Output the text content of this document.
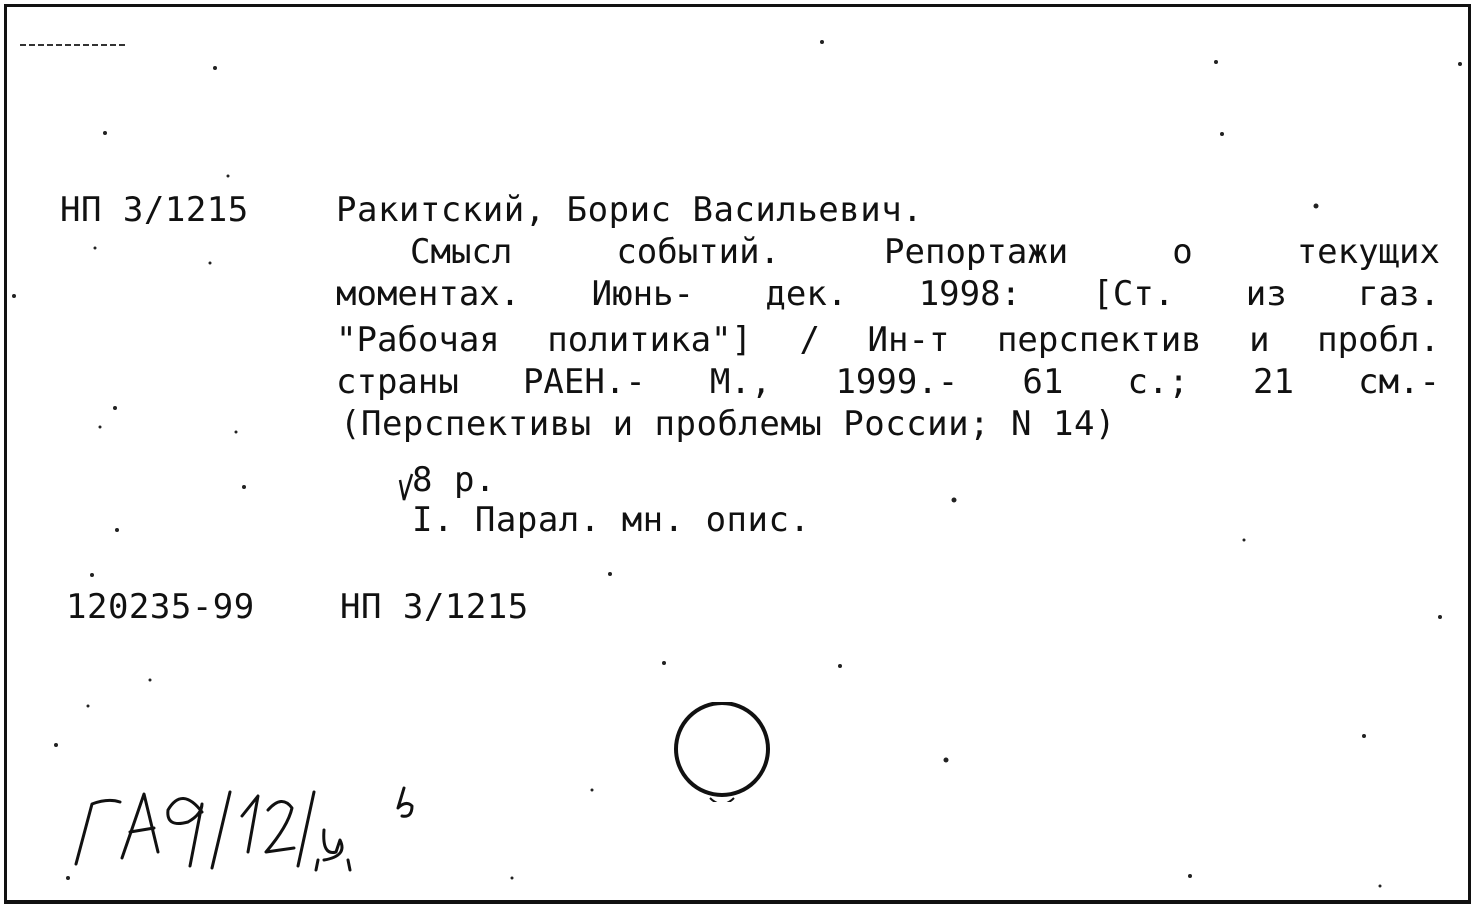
НП 3/1215	Ракитский, Борис Васильевич.
Смысл событий. Репортажи о текущих
моментах. Июнь- дек. 1998: [Ст. из газ.
"Рабочая политика"] / Ин-т перспектив и пробл.
страны РАЕН.- М., 1999.- 61 с.; 21 см.-
(Перспективы и проблемы России; N 14)
8 р.
I. Парал. мн. опис.
120235-99	НП 3/1215
